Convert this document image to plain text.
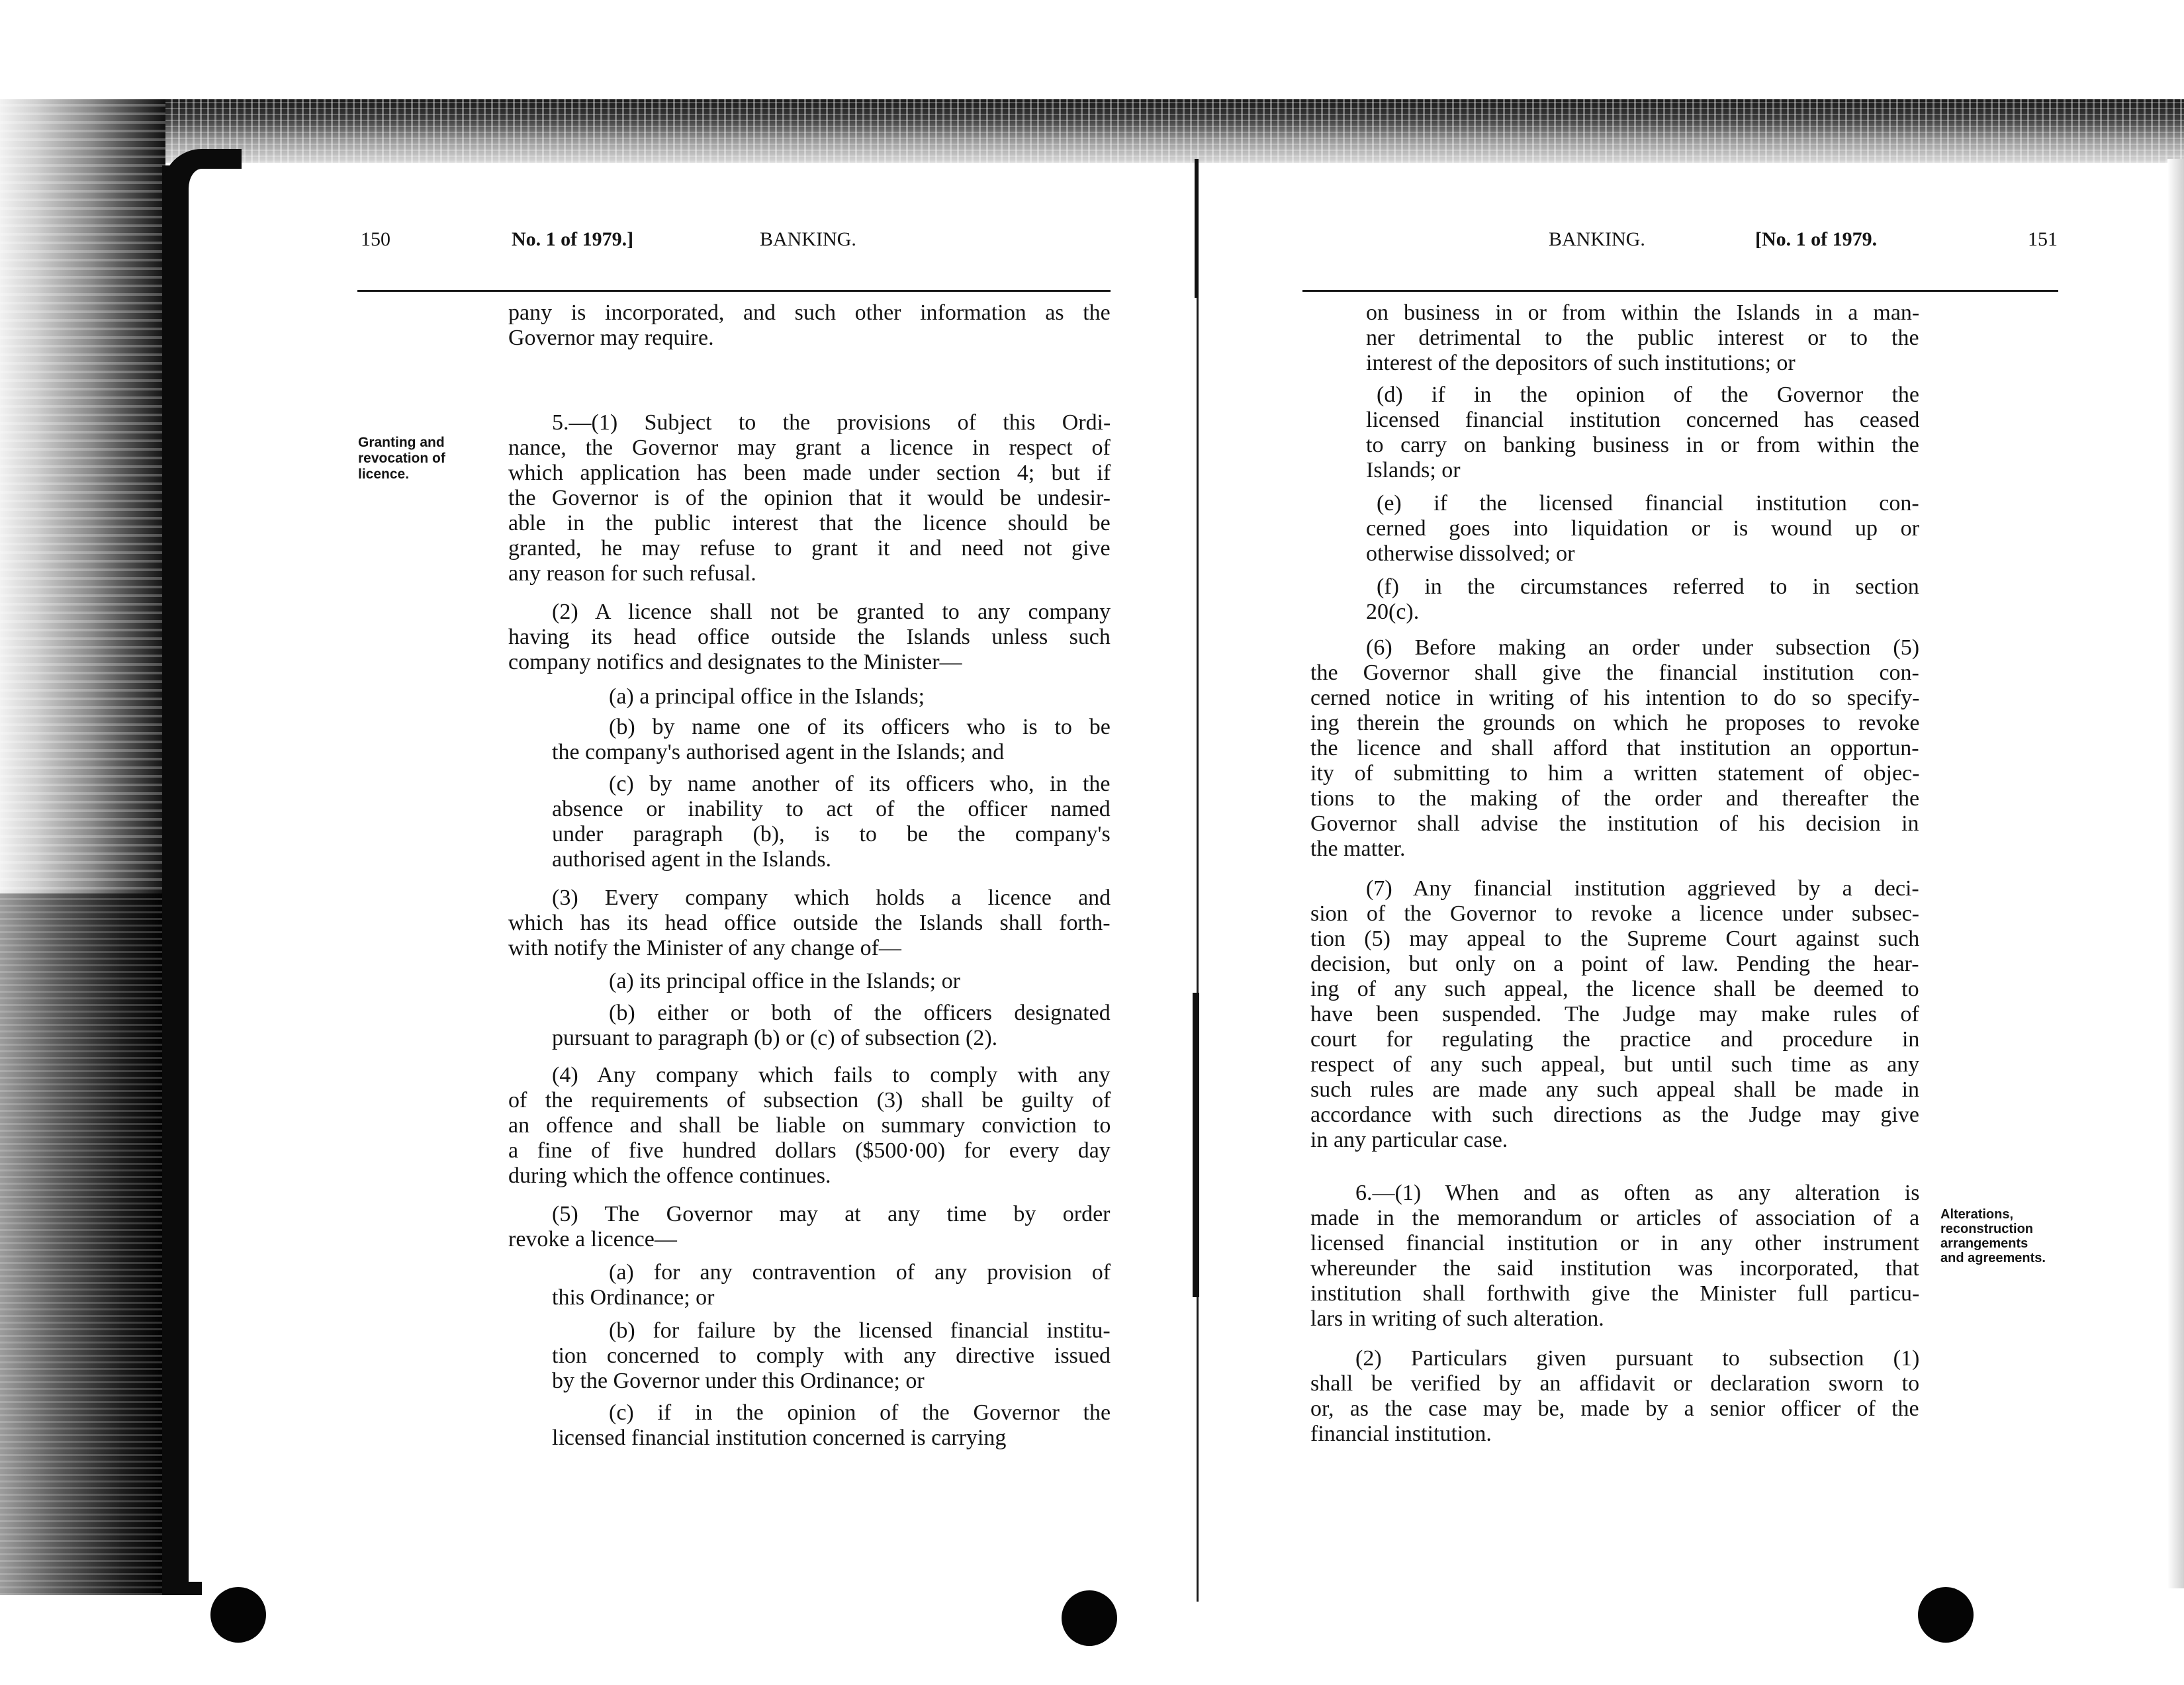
150	No. 1 of 1979.]	BANKING.
Granting and
revocation of
licence.
pany is incorporated, and such other information as the
Governor may require.
5.—(1) Subject to the provisions of this Ordi-
nance, the Governor may grant a licence in respect of
which application has been made under section 4; but if
the Governor is of the opinion that it would be undesir-
able in the public interest that the licence should be
granted, he may refuse to grant it and need not give
any reason for such refusal.
(2) A licence shall not be granted to any company
having its head office outside the Islands unless such
company notifics and designates to the Minister—
(a) a principal office in the Islands;
(b) by name one of its officers who is to be
the company's authorised agent in the Islands; and
(c) by name another of its officers who, in the
absence or inability to act of the officer named
under paragraph (b), is to be the company's
authorised agent in the Islands.
(3) Every company which holds a licence and
which has its head office outside the Islands shall forth-
with notify the Minister of any change of—
(a) its principal office in the Islands; or
(b) either or both of the officers designated
pursuant to paragraph (b) or (c) of subsection (2).
(4) Any company which fails to comply with any
of the requirements of subsection (3) shall be guilty of
an offence and shall be liable on summary conviction to
a fine of five hundred dollars ($500·00) for every day
during which the offence continues.
(5) The Governor may at any time by order
revoke a licence—
(a) for any contravention of any provision of
this Ordinance; or
(b) for failure by the licensed financial institu-
tion concerned to comply with any directive issued
by the Governor under this Ordinance; or
(c) if in the opinion of the Governor the
licensed financial institution concerned is carrying
BANKING.	[No. 1 of 1979.	151
Alterations,
reconstruction
arrangements
and agreements.
on business in or from within the Islands in a man-
ner detrimental to the public interest or to the
interest of the depositors of such institutions; or
(d) if in the opinion of the Governor the
licensed financial institution concerned has ceased
to carry on banking business in or from within the
Islands; or
(e) if the licensed financial institution con-
cerned goes into liquidation or is wound up or
otherwise dissolved; or
(f) in the circumstances referred to in section
20(c).
(6) Before making an order under subsection (5)
the Governor shall give the financial institution con-
cerned notice in writing of his intention to do so specify-
ing therein the grounds on which he proposes to revoke
the licence and shall afford that institution an opportun-
ity of submitting to him a written statement of objec-
tions to the making of the order and thereafter the
Governor shall advise the institution of his decision in
the matter.
(7) Any financial institution aggrieved by a deci-
sion of the Governor to revoke a licence under subsec-
tion (5) may appeal to the Supreme Court against such
decision, but only on a point of law. Pending the hear-
ing of any such appeal, the licence shall be deemed to
have been suspended. The Judge may make rules of
court for regulating the practice and procedure in
respect of any such appeal, but until such time as any
such rules are made any such appeal shall be made in
accordance with such directions as the Judge may give
in any particular case.
6.—(1) When and as often as any alteration is
made in the memorandum or articles of association of a
licensed financial institution or in any other instrument
whereunder the said institution was incorporated, that
institution shall forthwith give the Minister full particu-
lars in writing of such alteration.
(2) Particulars given pursuant to subsection (1)
shall be verified by an affidavit or declaration sworn to
or, as the case may be, made by a senior officer of the
financial institution.
